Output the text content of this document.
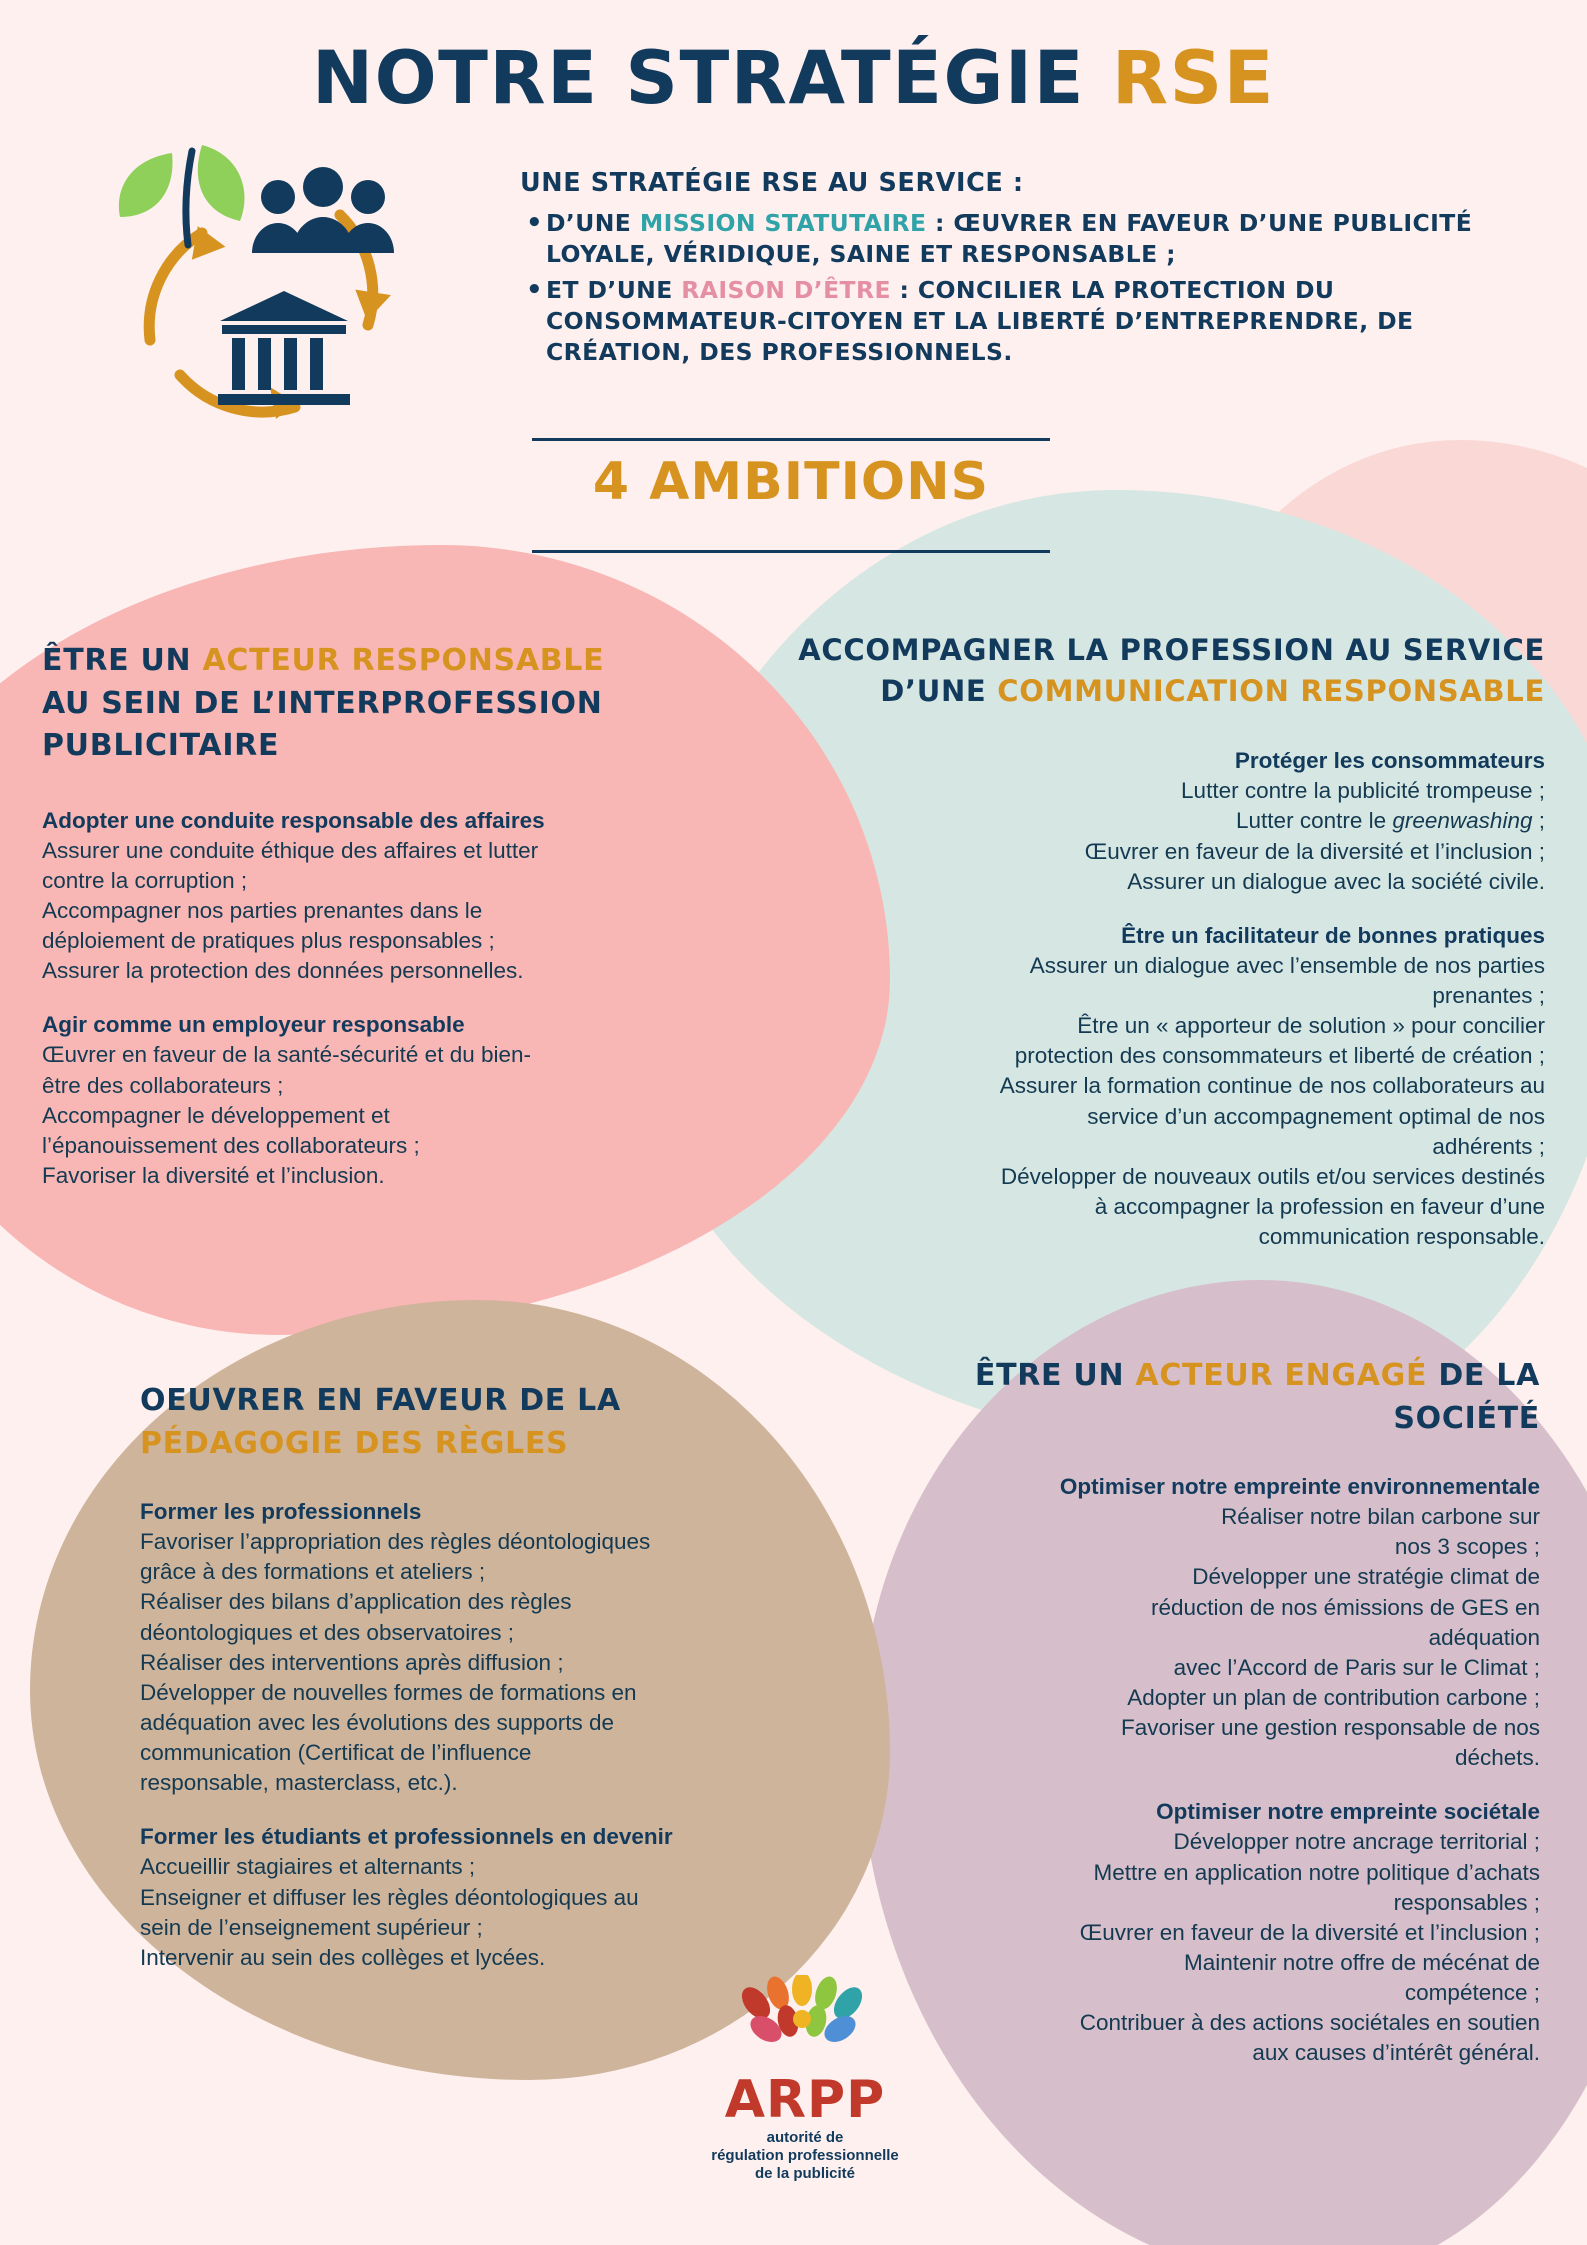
NOTRE STRATÉGIE RSE
UNE STRATÉGIE RSE AU SERVICE :
• D’UNE MISSION STATUTAIRE : ŒUVRER EN FAVEUR D’UNE PUBLICITÉ LOYALE, VÉRIDIQUE, SAINE ET RESPONSABLE ;
• ET D’UNE RAISON D’ÊTRE : CONCILIER LA PROTECTION DU CONSOMMATEUR-CITOYEN ET LA LIBERTÉ D’ENTREPRENDRE, DE CRÉATION, DES PROFESSIONNELS.
4 AMBITIONS
ÊTRE UN ACTEUR RESPONSABLE AU SEIN DE L’INTERPROFESSION PUBLICITAIRE
Adopter une conduite responsable des affaires
Assurer une conduite éthique des affaires et lutter
contre la corruption ;
Accompagner nos parties prenantes dans le
déploiement de pratiques plus responsables ;
Assurer la protection des données personnelles.
Agir comme un employeur responsable
Œuvrer en faveur de la santé-sécurité et du bien-
être des collaborateurs ;
Accompagner le développement et
l’épanouissement des collaborateurs ;
Favoriser la diversité et l’inclusion.
ACCOMPAGNER LA PROFESSION AU SERVICE D’UNE COMMUNICATION RESPONSABLE
Protéger les consommateurs
Lutter contre la publicité trompeuse ;
Lutter contre le greenwashing ;
Œuvrer en faveur de la diversité et l’inclusion ;
Assurer un dialogue avec la société civile.
Être un facilitateur de bonnes pratiques
Assurer un dialogue avec l’ensemble de nos parties
prenantes ;
Être un « apporteur de solution » pour concilier
protection des consommateurs et liberté de création ;
Assurer la formation continue de nos collaborateurs au
service d’un accompagnement optimal de nos
adhérents ;
Développer de nouveaux outils et/ou services destinés
à accompagner la profession en faveur d’une
communication responsable.
OEUVRER EN FAVEUR DE LA PÉDAGOGIE DES RÈGLES
Former les professionnels
Favoriser l’appropriation des règles déontologiques
grâce à des formations et ateliers ;
Réaliser des bilans d’application des règles
déontologiques et des observatoires ;
Réaliser des interventions après diffusion ;
Développer de nouvelles formes de formations en
adéquation avec les évolutions des supports de
communication (Certificat de l’influence
responsable, masterclass, etc.).
Former les étudiants et professionnels en devenir
Accueillir stagiaires et alternants ;
Enseigner et diffuser les règles déontologiques au
sein de l’enseignement supérieur ;
Intervenir au sein des collèges et lycées.
ÊTRE UN ACTEUR ENGAGÉ DE LA SOCIÉTÉ
Optimiser notre empreinte environnementale
Réaliser notre bilan carbone sur
nos 3 scopes ;
Développer une stratégie climat de
réduction de nos émissions de GES en
adéquation
avec l’Accord de Paris sur le Climat ;
Adopter un plan de contribution carbone ;
Favoriser une gestion responsable de nos
déchets.
Optimiser notre empreinte sociétale
Développer notre ancrage territorial ;
Mettre en application notre politique d’achats
responsables ;
Œuvrer en faveur de la diversité et l’inclusion ;
Maintenir notre offre de mécénat de
compétence ;
Contribuer à des actions sociétales en soutien
aux causes d’intérêt général.
ARPP
autorité de
régulation professionnelle
de la publicité
